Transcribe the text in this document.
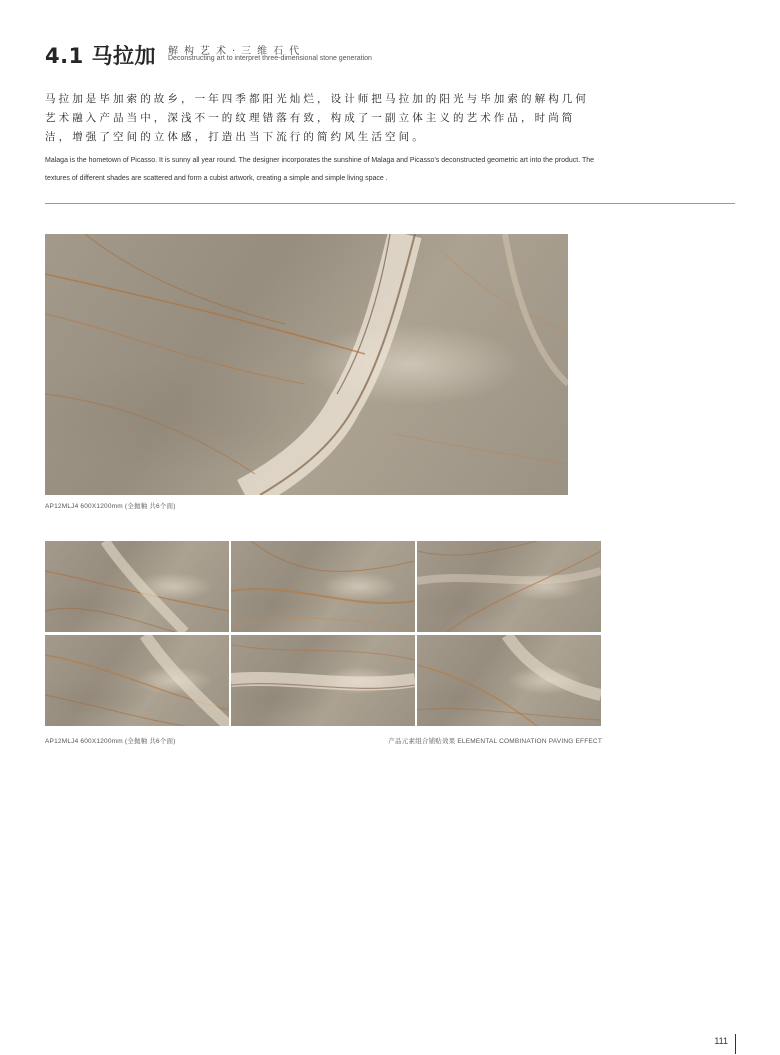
4.1 马拉加 解构艺术·三维石代
Deconstructing art to interpret three-dimensional stone generation

马拉加是毕加索的故乡，一年四季都阳光灿烂，设计师把马拉加的阳光与毕加索的解构几何艺术融入产品当中，深浅不一的纹理错落有致，构成了一副立体主义的艺术作品，时尚简洁，增强了空间的立体感，打造出当下流行的简约风生活空间。

Malaga is the hometown of Picasso. It is sunny all year round. The designer incorporates the sunshine of Malaga and Picasso’s deconstructed geometric art into the product. The textures of different shades are scattered and form a cubist artwork, creating a simple and simple living space .

AP12MLJ4 600X1200mm (全抛釉 共6个面)
AP12MLJ4 600X1200mm (全抛釉 共6个面)	产品元素组合铺贴效果 ELEMENTAL COMBINATION PAVING EFFECT
111
